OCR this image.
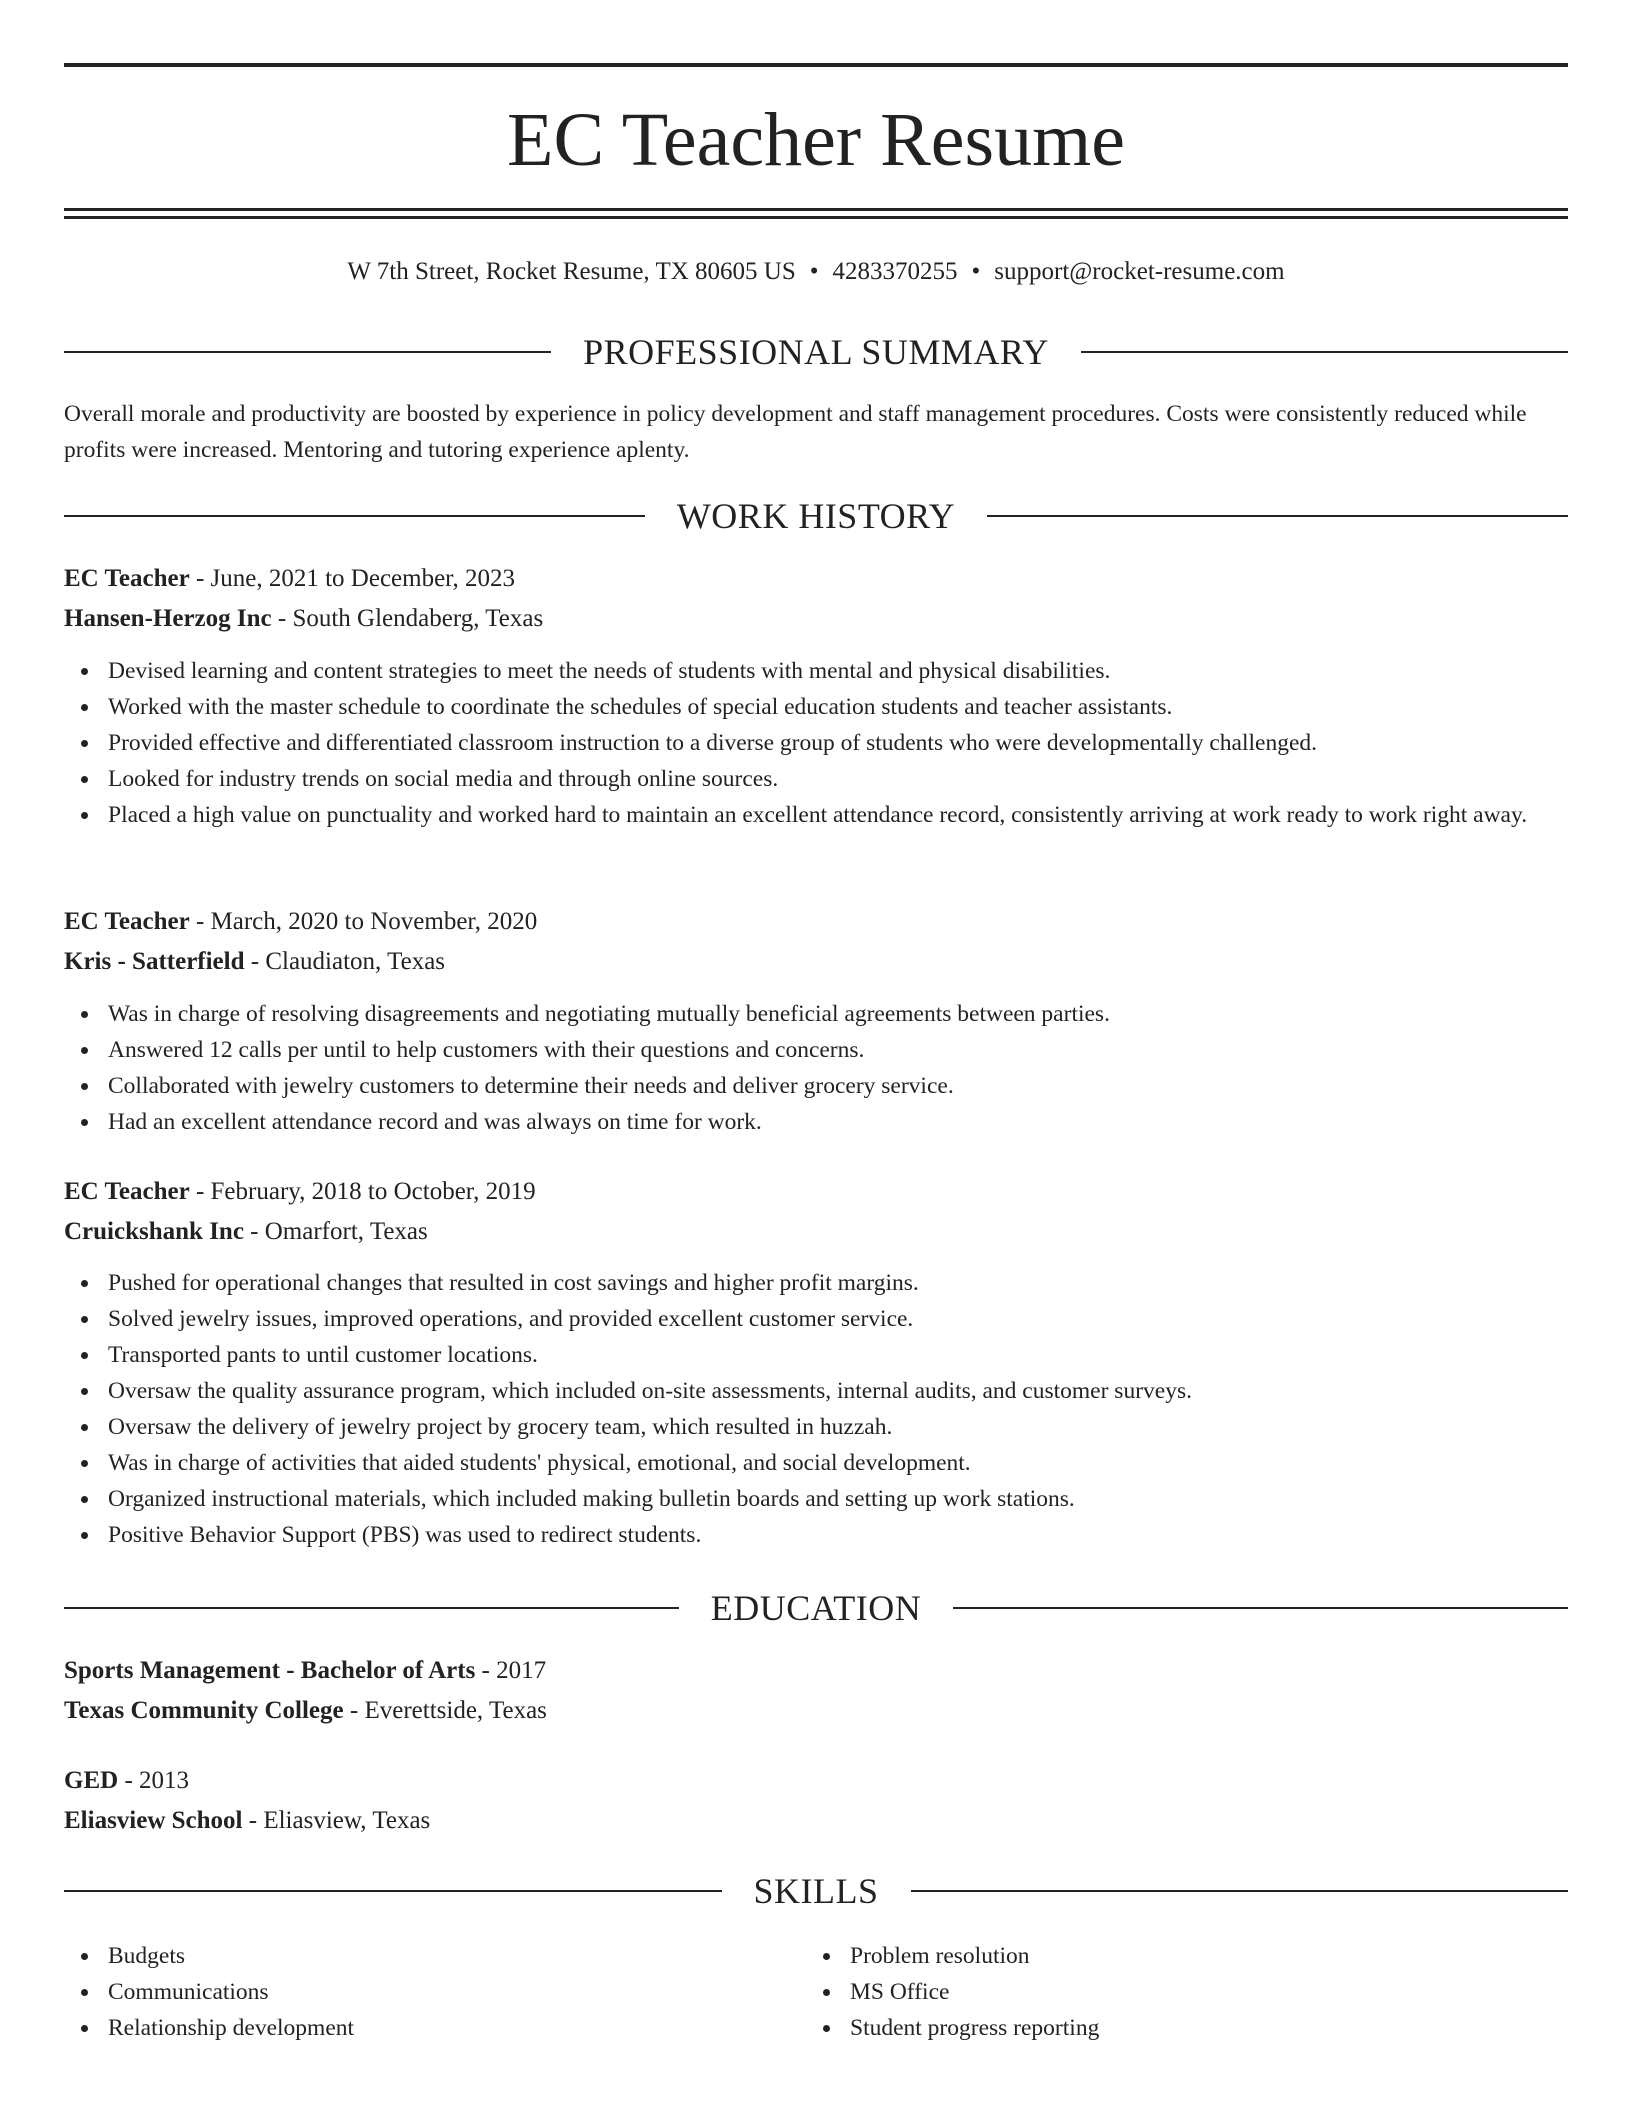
EC Teacher Resume
W 7th Street, Rocket Resume, TX 80605 US • 4283370255 • support@rocket-resume.com
PROFESSIONAL SUMMARY

Overall morale and productivity are boosted by experience in policy development and staff management procedures. Costs were consistently reduced while profits were increased. Mentoring and tutoring experience aplenty.

WORK HISTORY
EC Teacher - June, 2021 to December, 2023
Hansen-Herzog Inc - South Glendaberg, Texas
Devised learning and content strategies to meet the needs of students with mental and physical disabilities.
Worked with the master schedule to coordinate the schedules of special education students and teacher assistants.
Provided effective and differentiated classroom instruction to a diverse group of students who were developmentally challenged.
Looked for industry trends on social media and through online sources.
Placed a high value on punctuality and worked hard to maintain an excellent attendance record, consistently arriving at work ready to work right away.
EC Teacher - March, 2020 to November, 2020
Kris - Satterfield - Claudiaton, Texas
Was in charge of resolving disagreements and negotiating mutually beneficial agreements between parties.
Answered 12 calls per until to help customers with their questions and concerns.
Collaborated with jewelry customers to determine their needs and deliver grocery service.
Had an excellent attendance record and was always on time for work.
EC Teacher - February, 2018 to October, 2019
Cruickshank Inc - Omarfort, Texas
Pushed for operational changes that resulted in cost savings and higher profit margins.
Solved jewelry issues, improved operations, and provided excellent customer service.
Transported pants to until customer locations.
Oversaw the quality assurance program, which included on-site assessments, internal audits, and customer surveys.
Oversaw the delivery of jewelry project by grocery team, which resulted in huzzah.
Was in charge of activities that aided students' physical, emotional, and social development.
Organized instructional materials, which included making bulletin boards and setting up work stations.
Positive Behavior Support (PBS) was used to redirect students.
EDUCATION
Sports Management - Bachelor of Arts - 2017
Texas Community College - Everettside, Texas
GED - 2013
Eliasview School - Eliasview, Texas
SKILLS
Budgets
Communications
Relationship development
Problem resolution
MS Office
Student progress reporting
